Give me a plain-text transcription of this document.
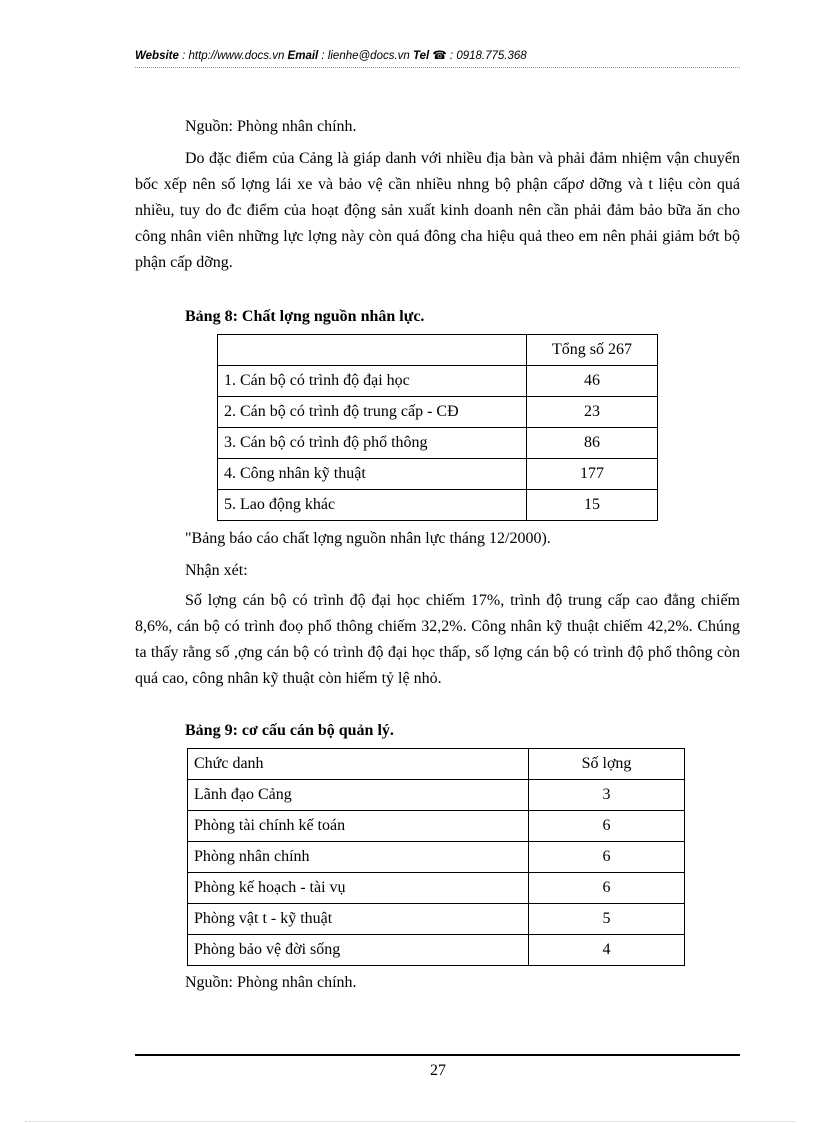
Website : http://www.docs.vn Email : lienhe@docs.vn Tel ☎ : 0918.775.368
Nguồn: Phòng nhân chính.
Do đặc điểm của Cảng là giáp danh với nhiều địa bàn và phải đảm nhiệm vận chuyển bốc xếp nên số lợng lái xe và bảo vệ cần nhiều nhng bộ phận cấpơ dỡng và t liệu còn quá nhiều, tuy do đc điểm của hoạt động sản xuất kinh doanh nên cần phải đảm bảo bữa ăn cho công nhân viên những lực lợng này còn quá đông cha hiệu quả theo em nên phải giảm bớt bộ phận cấp dỡng.
Bảng 8: Chất lợng nguồn nhân lực.
	Tổng số 267
1. Cán bộ có trình độ đại học	46
2. Cán bộ có trình độ trung cấp - CĐ	23
3. Cán bộ có trình độ phổ thông	86
4. Công nhân kỹ thuật	177
5. Lao động khác	15
"Bảng báo cáo chất lợng nguồn nhân lực tháng 12/2000).
Nhận xét:
Số lợng cán bộ có trình độ đại học chiếm 17%, trình độ trung cấp cao đẳng chiếm 8,6%, cán bộ có trình đoọ phổ thông chiếm 32,2%. Công nhân kỹ thuật chiếm 42,2%. Chúng ta thấy rằng số ,ợng cán bộ có trình độ đại học thấp, số lợng cán bộ có trình độ phổ thông còn quá cao, công nhân kỹ thuật còn hiếm tỷ lệ nhỏ.
Bảng 9: cơ cấu cán bộ quản lý.
Chức danh	Số lợng
Lãnh đạo Cảng	3
Phòng tài chính kế toán	6
Phòng nhân chính	6
Phòng kế hoạch - tài vụ	6
Phòng vật t - kỹ thuật	5
Phòng bảo vệ đời sống	4
Nguồn: Phòng nhân chính.
27
